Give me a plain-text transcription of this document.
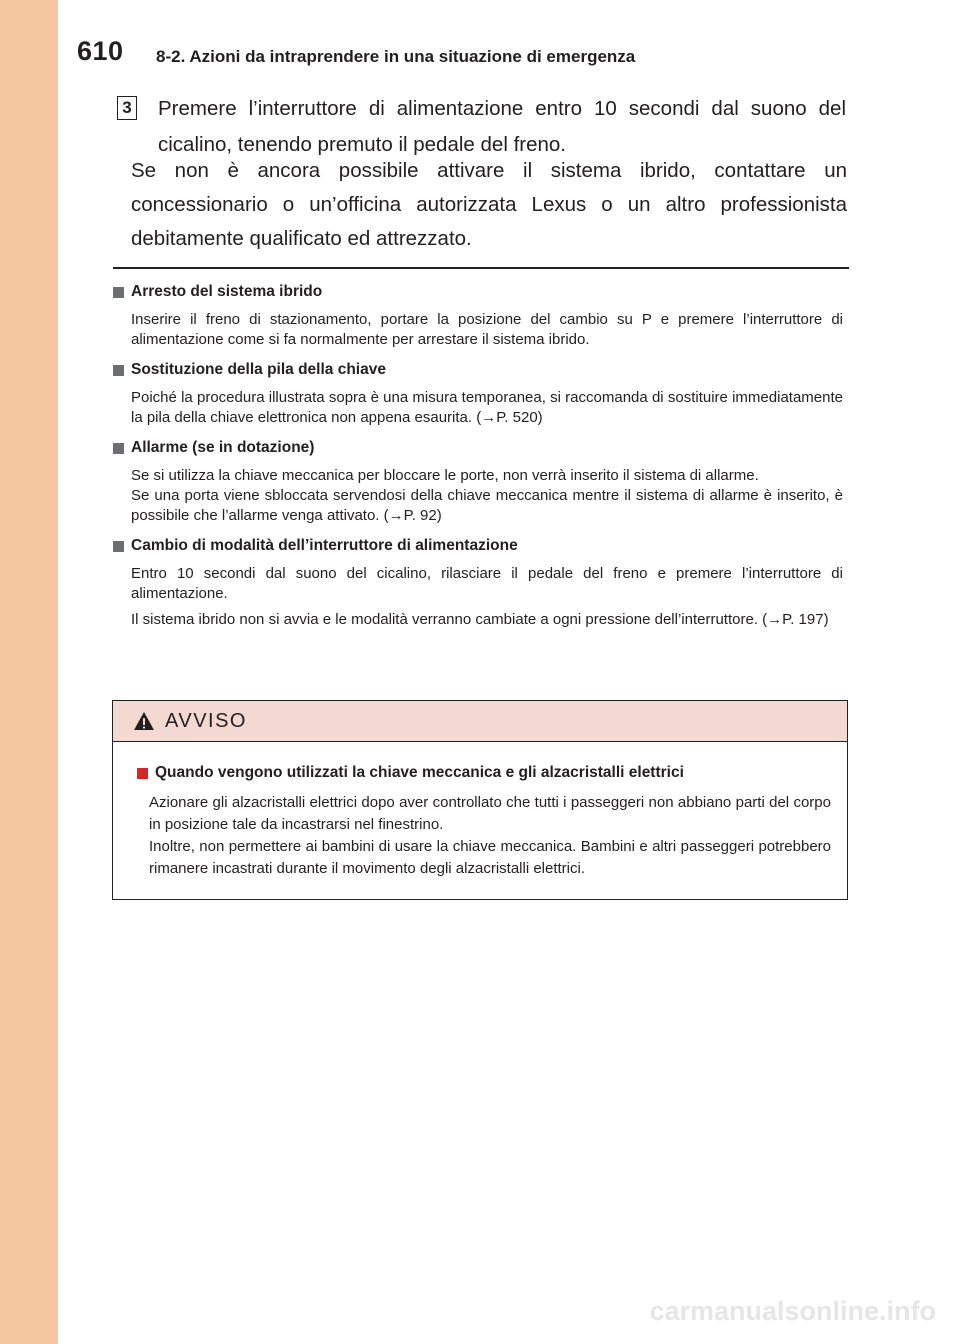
610 8-2. Azioni da intraprendere in una situazione di emergenza
3 Premere l’interruttore di alimentazione entro 10 secondi dal suono del cicalino, tenendo premuto il pedale del freno.
Se non è ancora possibile attivare il sistema ibrido, contattare un concessionario o un’officina autorizzata Lexus o un altro professionista debitamente qualificato ed attrezzato.
Arresto del sistema ibrido

Inserire il freno di stazionamento, portare la posizione del cambio su P e premere l’interruttore di alimentazione come si fa normalmente per arrestare il sistema ibrido.

Sostituzione della pila della chiave

Poiché la procedura illustrata sopra è una misura temporanea, si raccomanda di sostituire immediatamente la pila della chiave elettronica non appena esaurita. (→P. 520)

Allarme (se in dotazione)

Se si utilizza la chiave meccanica per bloccare le porte, non verrà inserito il sistema di allarme.
Se una porta viene sbloccata servendosi della chiave meccanica mentre il sistema di allarme è inserito, è possibile che l’allarme venga attivato. (→P. 92)

Cambio di modalità dell’interruttore di alimentazione

Entro 10 secondi dal suono del cicalino, rilasciare il pedale del freno e premere l’interruttore di alimentazione.

Il sistema ibrido non si avvia e le modalità verranno cambiate a ogni pressione dell’interruttore. (→P. 197)

AVVISO
Quando vengono utilizzati la chiave meccanica e gli alzacristalli elettrici
Azionare gli alzacristalli elettrici dopo aver controllato che tutti i passeggeri non abbiano parti del corpo in posizione tale da incastrarsi nel finestrino.
Inoltre, non permettere ai bambini di usare la chiave meccanica. Bambini e altri passeggeri potrebbero rimanere incastrati durante il movimento degli alzacristalli elettrici.
carmanualsonline.info
